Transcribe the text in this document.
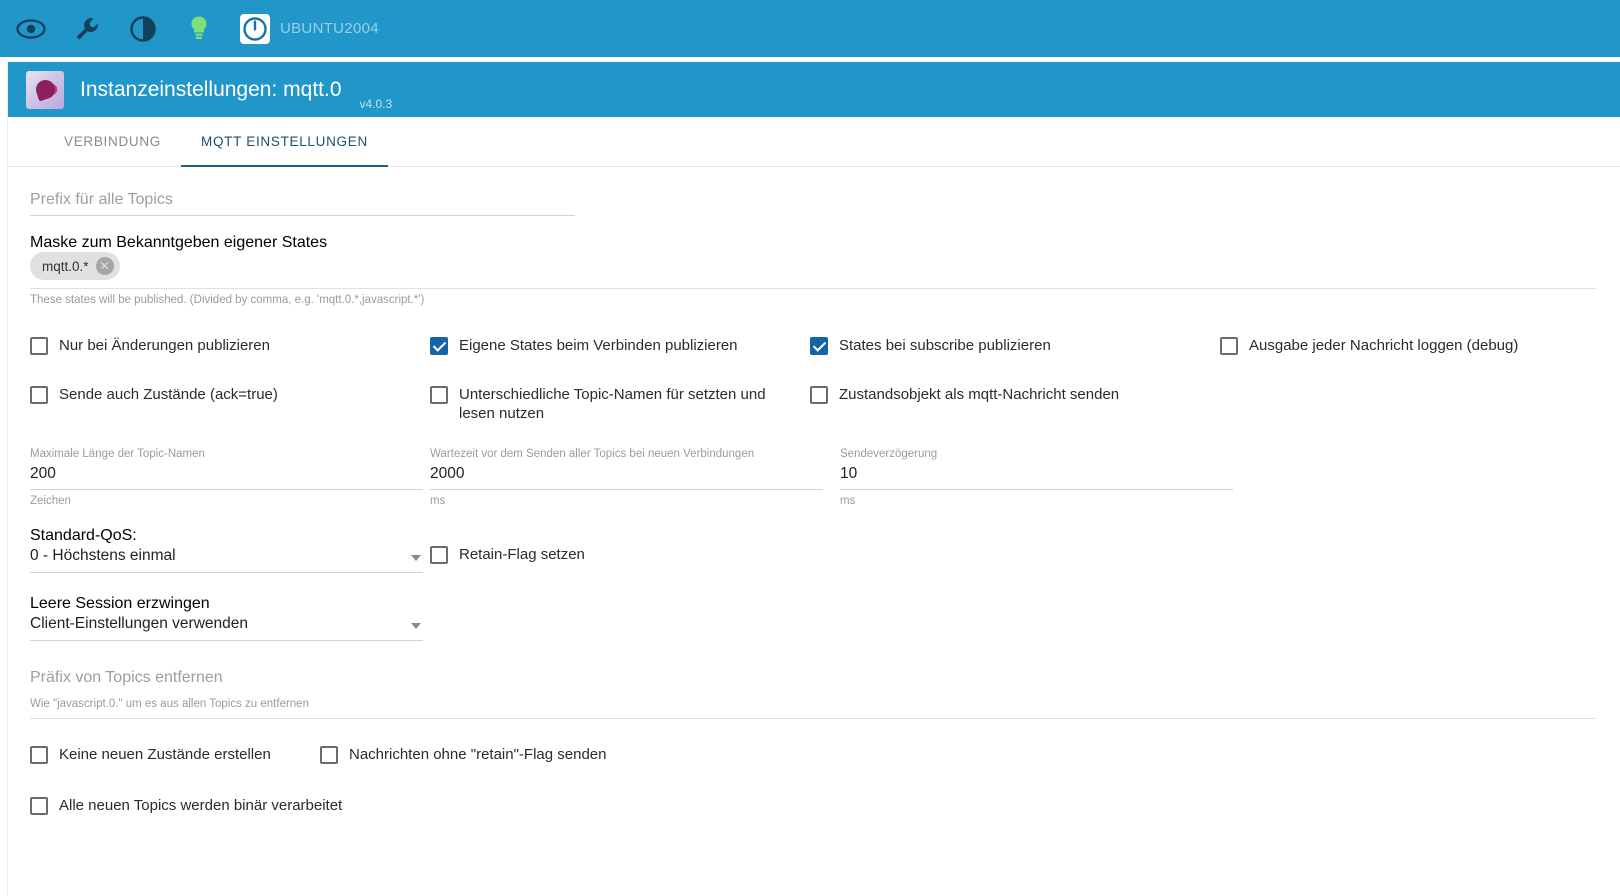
UBUNTU2004
Instanzeinstellungen: mqtt.0
v4.0.3
VERBINDUNG	MQTT EINSTELLUNGEN
Prefix für alle Topics
Maske zum Bekanntgeben eigener States
mqtt.0.* ✕
These states will be published. (Divided by comma, e.g. 'mqtt.0.*,javascript.*')
Nur bei Änderungen publizieren	Eigene States beim Verbinden publizieren	States bei subscribe publizieren	Ausgabe jeder Nachricht loggen (debug)
Sende auch Zustände (ack=true)	Unterschiedliche Topic-Namen für setzten und lesen nutzen
Zustandsobjekt als mqtt-Nachricht senden
Maximale Länge der Topic-Namen
200
Zeichen
Wartezeit vor dem Senden aller Topics bei neuen Verbindungen
2000
ms
Sendeverzögerung
10
ms
Standard-QoS:
0 - Höchstens einmal	Retain-Flag setzen
Leere Session erzwingen
Client-Einstellungen verwenden
Präfix von Topics entfernen
Wie "javascript.0." um es aus allen Topics zu entfernen
Keine neuen Zustände erstellen	Nachrichten ohne "retain"-Flag senden
Alle neuen Topics werden binär verarbeitet
